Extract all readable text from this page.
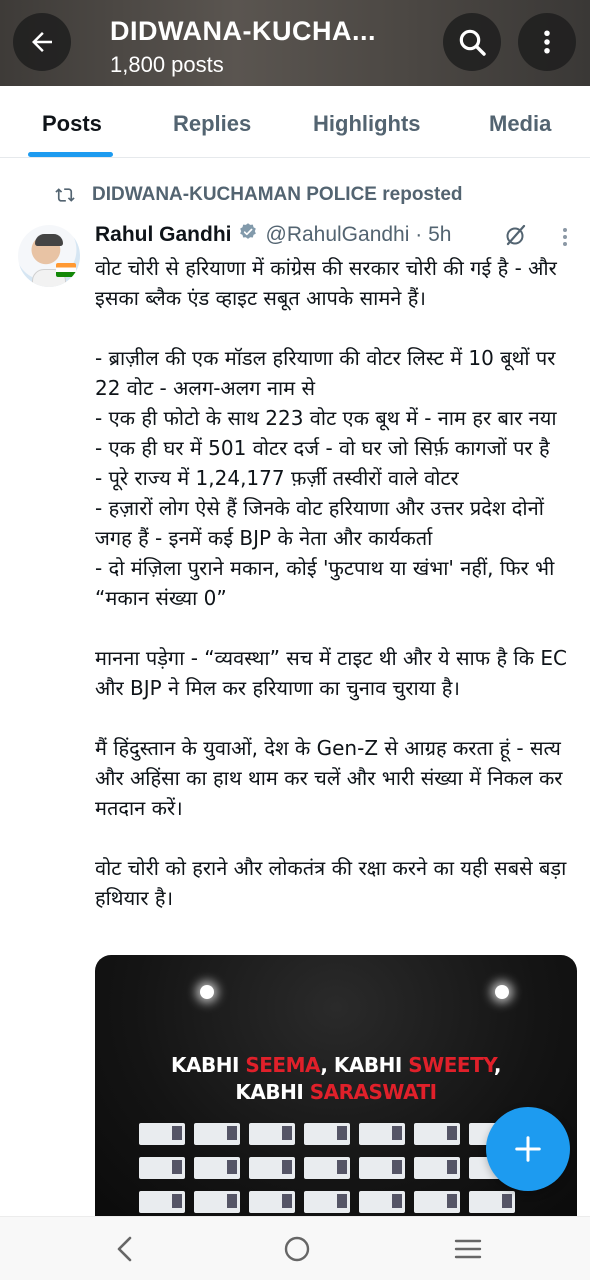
DIDWANA-KUCHA...
1,800 posts
Posts	Replies	Highlights	Media
DIDWANA-KUCHAMAN POLICE reposted
Rahul Gandhi @RahulGandhi · 5h
वोट चोरी से हरियाणा में कांग्रेस की सरकार चोरी की गई है - और इसका ब्लैक एंड व्हाइट सबूत आपके सामने हैं।

- ब्राज़ील की एक मॉडल हरियाणा की वोटर लिस्ट में 10 बूथों पर 22 वोट - अलग-अलग नाम से
- एक ही फोटो के साथ 223 वोट एक बूथ में - नाम हर बार नया
- एक ही घर में 501 वोटर दर्ज - वो घर जो सिर्फ़ कागजों पर है
- पूरे राज्य में 1,24,177 फ़र्ज़ी तस्वीरों वाले वोटर
- हज़ारों लोग ऐसे हैं जिनके वोट हरियाणा और उत्तर प्रदेश दोनों जगह हैं - इनमें कई BJP के नेता और कार्यकर्ता
- दो मंज़िला पुराने मकान, कोई 'फुटपाथ या खंभा' नहीं, फिर भी “मकान संख्या 0”

मानना पड़ेगा - “व्यवस्था” सच में टाइट थी और ये साफ है कि EC और BJP ने मिल कर हरियाणा का चुनाव चुराया है।

मैं हिंदुस्तान के युवाओं, देश के Gen-Z से आग्रह करता हूं - सत्य और अहिंसा का हाथ थाम कर चलें और भारी संख्या में निकल कर मतदान करें।

वोट चोरी को हराने और लोकतंत्र की रक्षा करने का यही सबसे बड़ा हथियार है।
KABHI SEEMA, KABHI SWEETY,
KABHI SARASWATI
